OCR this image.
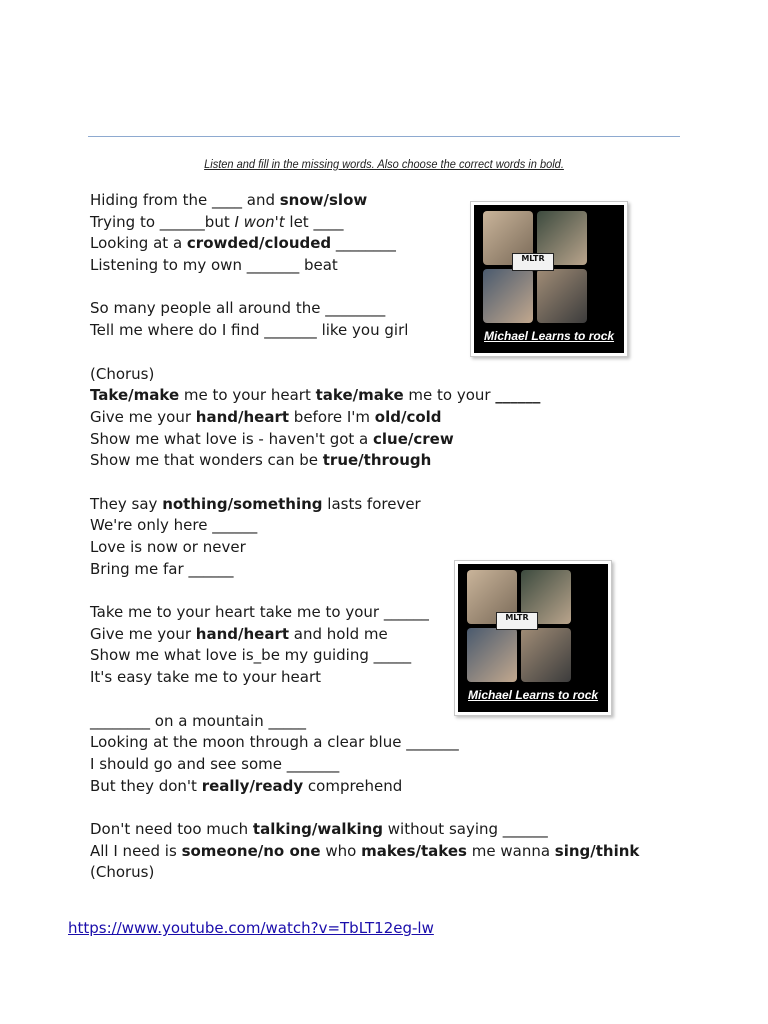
Listen and fill in the missing words. Also choose the correct words in bold.
Hiding from the ____ and snow/slow
Trying to ______but I won't let ____
Looking at a crowded/clouded ________
Listening to my own _______ beat
So many people all around the ________
Tell me where do I find _______ like you girl
(Chorus)
Take/make me to your heart take/make me to your ______
Give me your hand/heart before I'm old/cold
Show me what love is - haven't got a clue/crew
Show me that wonders can be true/through
They say nothing/something lasts forever
We're only here ______
Love is now or never
Bring me far ______
Take me to your heart take me to your ______
Give me your hand/heart and hold me
Show me what love is_be my guiding _____
It's easy take me to your heart
________ on a mountain _____
Looking at the moon through a clear blue _______
I should go and see some _______
But they don't really/ready comprehend
Don't need too much talking/walking without saying ______
All I need is someone/no one who makes/takes me wanna sing/think
(Chorus)
MLTR

Michael Learns to rock
MLTR

Michael Learns to rock
https://www.youtube.com/watch?v=TbLT12eg-lw
